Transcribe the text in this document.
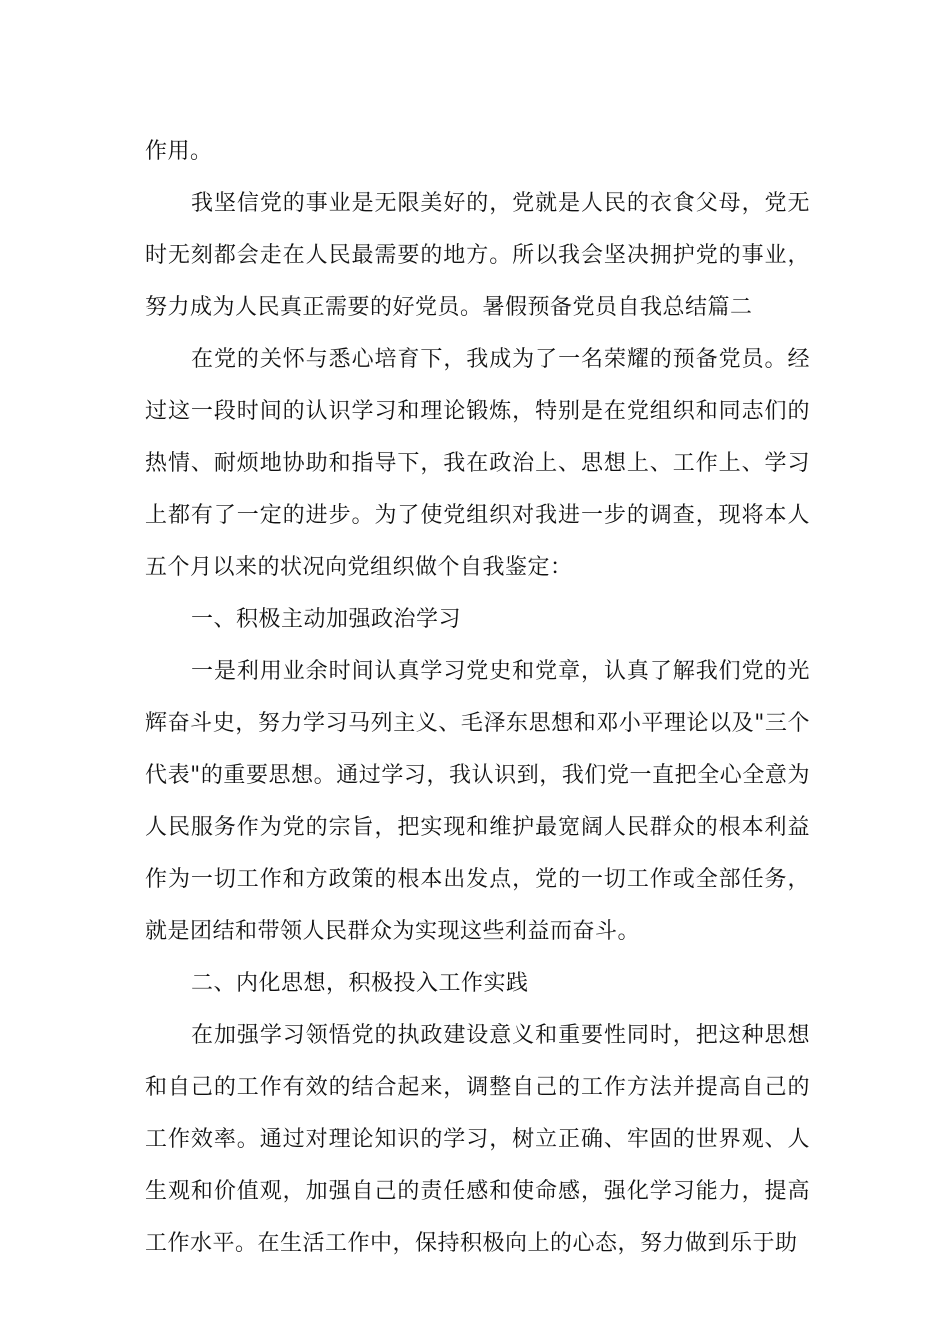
作用。

我坚信党的事业是无限美好的，党就是人民的衣食父母，党无时无刻都会走在人民最需要的地方。所以我会坚决拥护党的事业，努力成为人民真正需要的好党员。暑假预备党员自我总结篇二

在党的关怀与悉心培育下，我成为了一名荣耀的预备党员。经过这一段时间的认识学习和理论锻炼，特别是在党组织和同志们的热情、耐烦地协助和指导下，我在政治上、思想上、工作上、学习上都有了一定的进步。为了使党组织对我进一步的调查，现将本人五个月以来的状况向党组织做个自我鉴定：

一、积极主动加强政治学习

一是利用业余时间认真学习党史和党章，认真了解我们党的光辉奋斗史，努力学习马列主义、毛泽东思想和邓小平理论以及"三个代表"的重要思想。通过学习，我认识到，我们党一直把全心全意为人民服务作为党的宗旨，把实现和维护最宽阔人民群众的根本利益作为一切工作和方政策的根本出发点，党的一切工作或全部任务，就是团结和带领人民群众为实现这些利益而奋斗。

二、内化思想，积极投入工作实践

在加强学习领悟党的执政建设意义和重要性同时，把这种思想和自己的工作有效的结合起来，调整自己的工作方法并提高自己的工作效率。通过对理论知识的学习，树立正确、牢固的世界观、人生观和价值观，加强自己的责任感和使命感，强化学习能力，提高工作水平。在生活工作中，保持积极向上的心态，努力做到乐于助
